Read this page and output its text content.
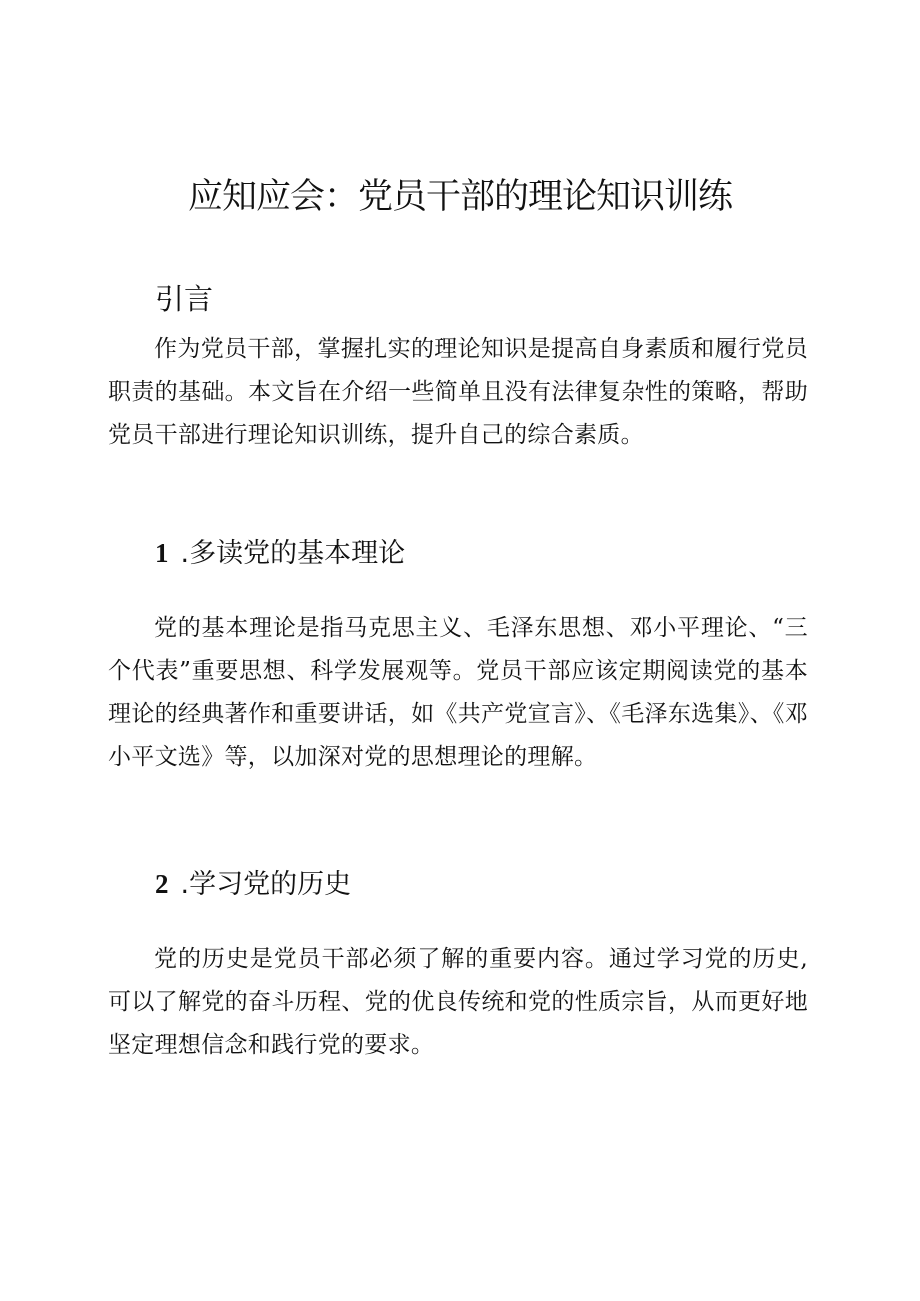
应知应会：党员干部的理论知识训练
引言

作为党员干部，掌握扎实的理论知识是提高自身素质和履行党员职责的基础。本文旨在介绍一些简单且没有法律复杂性的策略，帮助党员干部进行理论知识训练，提升自己的综合素质。

1 .多读党的基本理论

党的基本理论是指马克思主义、毛泽东思想、邓小平理论、“三个代表”重要思想、科学发展观等。党员干部应该定期阅读党的基本理论的经典著作和重要讲话，如《共产党宣言》、《毛泽东选集》、《邓小平文选》等，以加深对党的思想理论的理解。

2 .学习党的历史

党的历史是党员干部必须了解的重要内容。通过学习党的历史,可以了解党的奋斗历程、党的优良传统和党的性质宗旨，从而更好地坚定理想信念和践行党的要求。
